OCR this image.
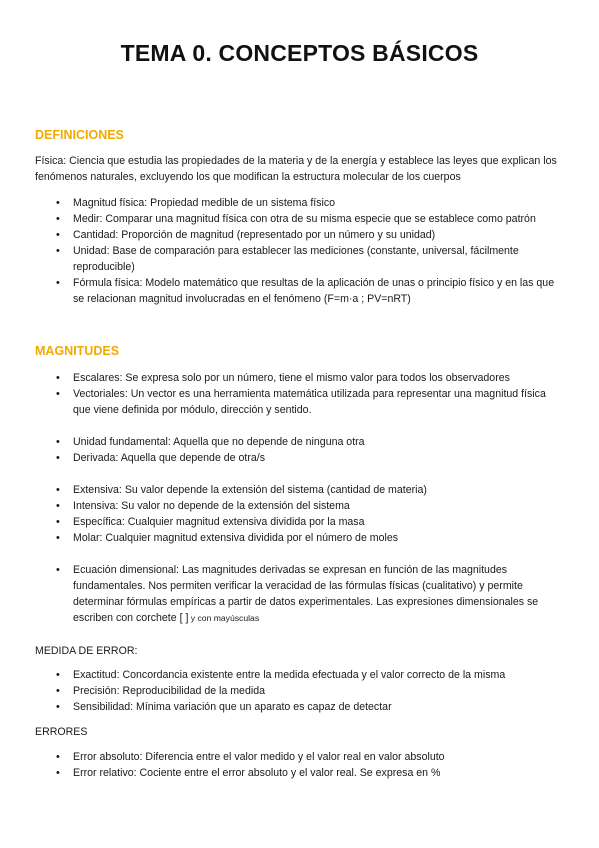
TEMA 0. CONCEPTOS BÁSICOS
DEFINICIONES
Física: Ciencia que estudia las propiedades de la materia y de la energía y establece las leyes que explican los fenómenos naturales, excluyendo los que modifican la estructura molecular de los cuerpos
• Magnitud física: Propiedad medible de un sistema físico
• Medir: Comparar una magnitud física con otra de su misma especie que se establece como patrón
• Cantidad: Proporción de magnitud (representado por un número y su unidad)
• Unidad: Base de comparación para establecer las mediciones (constante, universal, fácilmente reproducible)
• Fórmula física: Modelo matemático que resultas de la aplicación de unas o principio físico y en las que se relacionan magnitud involucradas en el fenómeno (F=m·a ; PV=nRT)
MAGNITUDES
• Escalares: Se expresa solo por un número, tiene el mismo valor para todos los observadores
• Vectoriales: Un vector es una herramienta matemática utilizada para representar una magnitud física que viene definida por módulo, dirección y sentido.
• Unidad fundamental: Aquella que no depende de ninguna otra
• Derivada: Aquella que depende de otra/s
• Extensiva: Su valor depende la extensión del sistema (cantidad de materia)
• Intensiva: Su valor no depende de la extensión del sistema
• Específica: Cualquier magnitud extensiva dividida por la masa
• Molar: Cualquier magnitud extensiva dividida por el número de moles
• Ecuación dimensional: Las magnitudes derivadas se expresan en función de las magnitudes fundamentales. Nos permiten verificar la veracidad de las fórmulas físicas (cualitativo) y permite determinar fórmulas empíricas a partir de datos experimentales. Las expresiones dimensionales se escriben con corchete [ ] y con mayúsculas
MEDIDA DE ERROR:
• Exactitud: Concordancia existente entre la medida efectuada y el valor correcto de la misma
• Precisión: Reproducibilidad de la medida
• Sensibilidad: Mínima variación que un aparato es capaz de detectar
ERRORES
• Error absoluto: Diferencia entre el valor medido y el valor real en valor absoluto
• Error relativo: Cociente entre el error absoluto y el valor real. Se expresa en %
